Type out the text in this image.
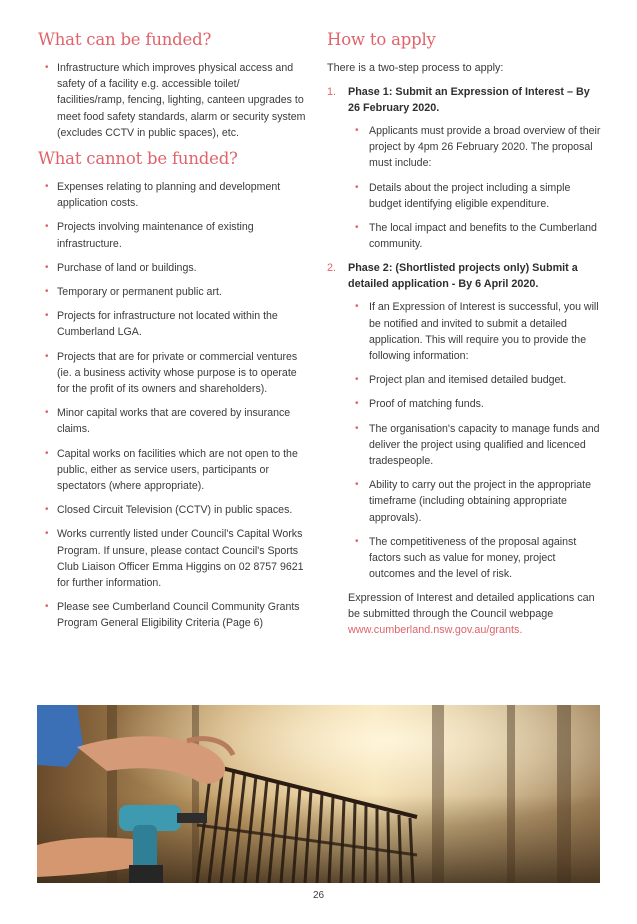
What can be funded?
• Infrastructure which improves physical access and safety of a facility e.g. accessible toilet/ facilities/ramp, fencing, lighting, canteen upgrades to meet food safety standards, alarm or security system (excludes CCTV in public spaces), etc.
What cannot be funded?
• Expenses relating to planning and development application costs.
• Projects involving maintenance of existing infrastructure.
• Purchase of land or buildings.
• Temporary or permanent public art.
• Projects for infrastructure not located within the Cumberland LGA.
• Projects that are for private or commercial ventures (ie. a business activity whose purpose is to operate for the profit of its owners and shareholders).
• Minor capital works that are covered by insurance claims.
• Capital works on facilities which are not open to the public, either as service users, participants or spectators (where appropriate).
• Closed Circuit Television (CCTV) in public spaces.
• Works currently listed under Council's Capital Works Program. If unsure, please contact Council's Sports Club Liaison Officer Emma Higgins on 02 8757 9621 for further information.
• Please see Cumberland Council Community Grants Program General Eligibility Criteria (Page 6)
How to apply

There is a two-step process to apply:

1. Phase 1: Submit an Expression of Interest – By 26 February 2020.
• Applicants must provide a broad overview of their project by 4pm 26 February 2020. The proposal must include:
• Details about the project including a simple budget identifying eligible expenditure.
• The local impact and benefits to the Cumberland community.
2. Phase 2: (Shortlisted projects only) Submit a detailed application - By 6 April 2020.
• If an Expression of Interest is successful, you will be notified and invited to submit a detailed application. This will require you to provide the following information:
• Project plan and itemised detailed budget.
• Proof of matching funds.
• The organisation's capacity to manage funds and deliver the project using qualified and licenced tradespeople.
• Ability to carry out the project in the appropriate timeframe (including obtaining appropriate approvals).
• The competitiveness of the proposal against factors such as value for money, project outcomes and the level of risk.

Expression of Interest and detailed applications can be submitted through the Council webpage www.cumberland.nsw.gov.au/grants.

26
